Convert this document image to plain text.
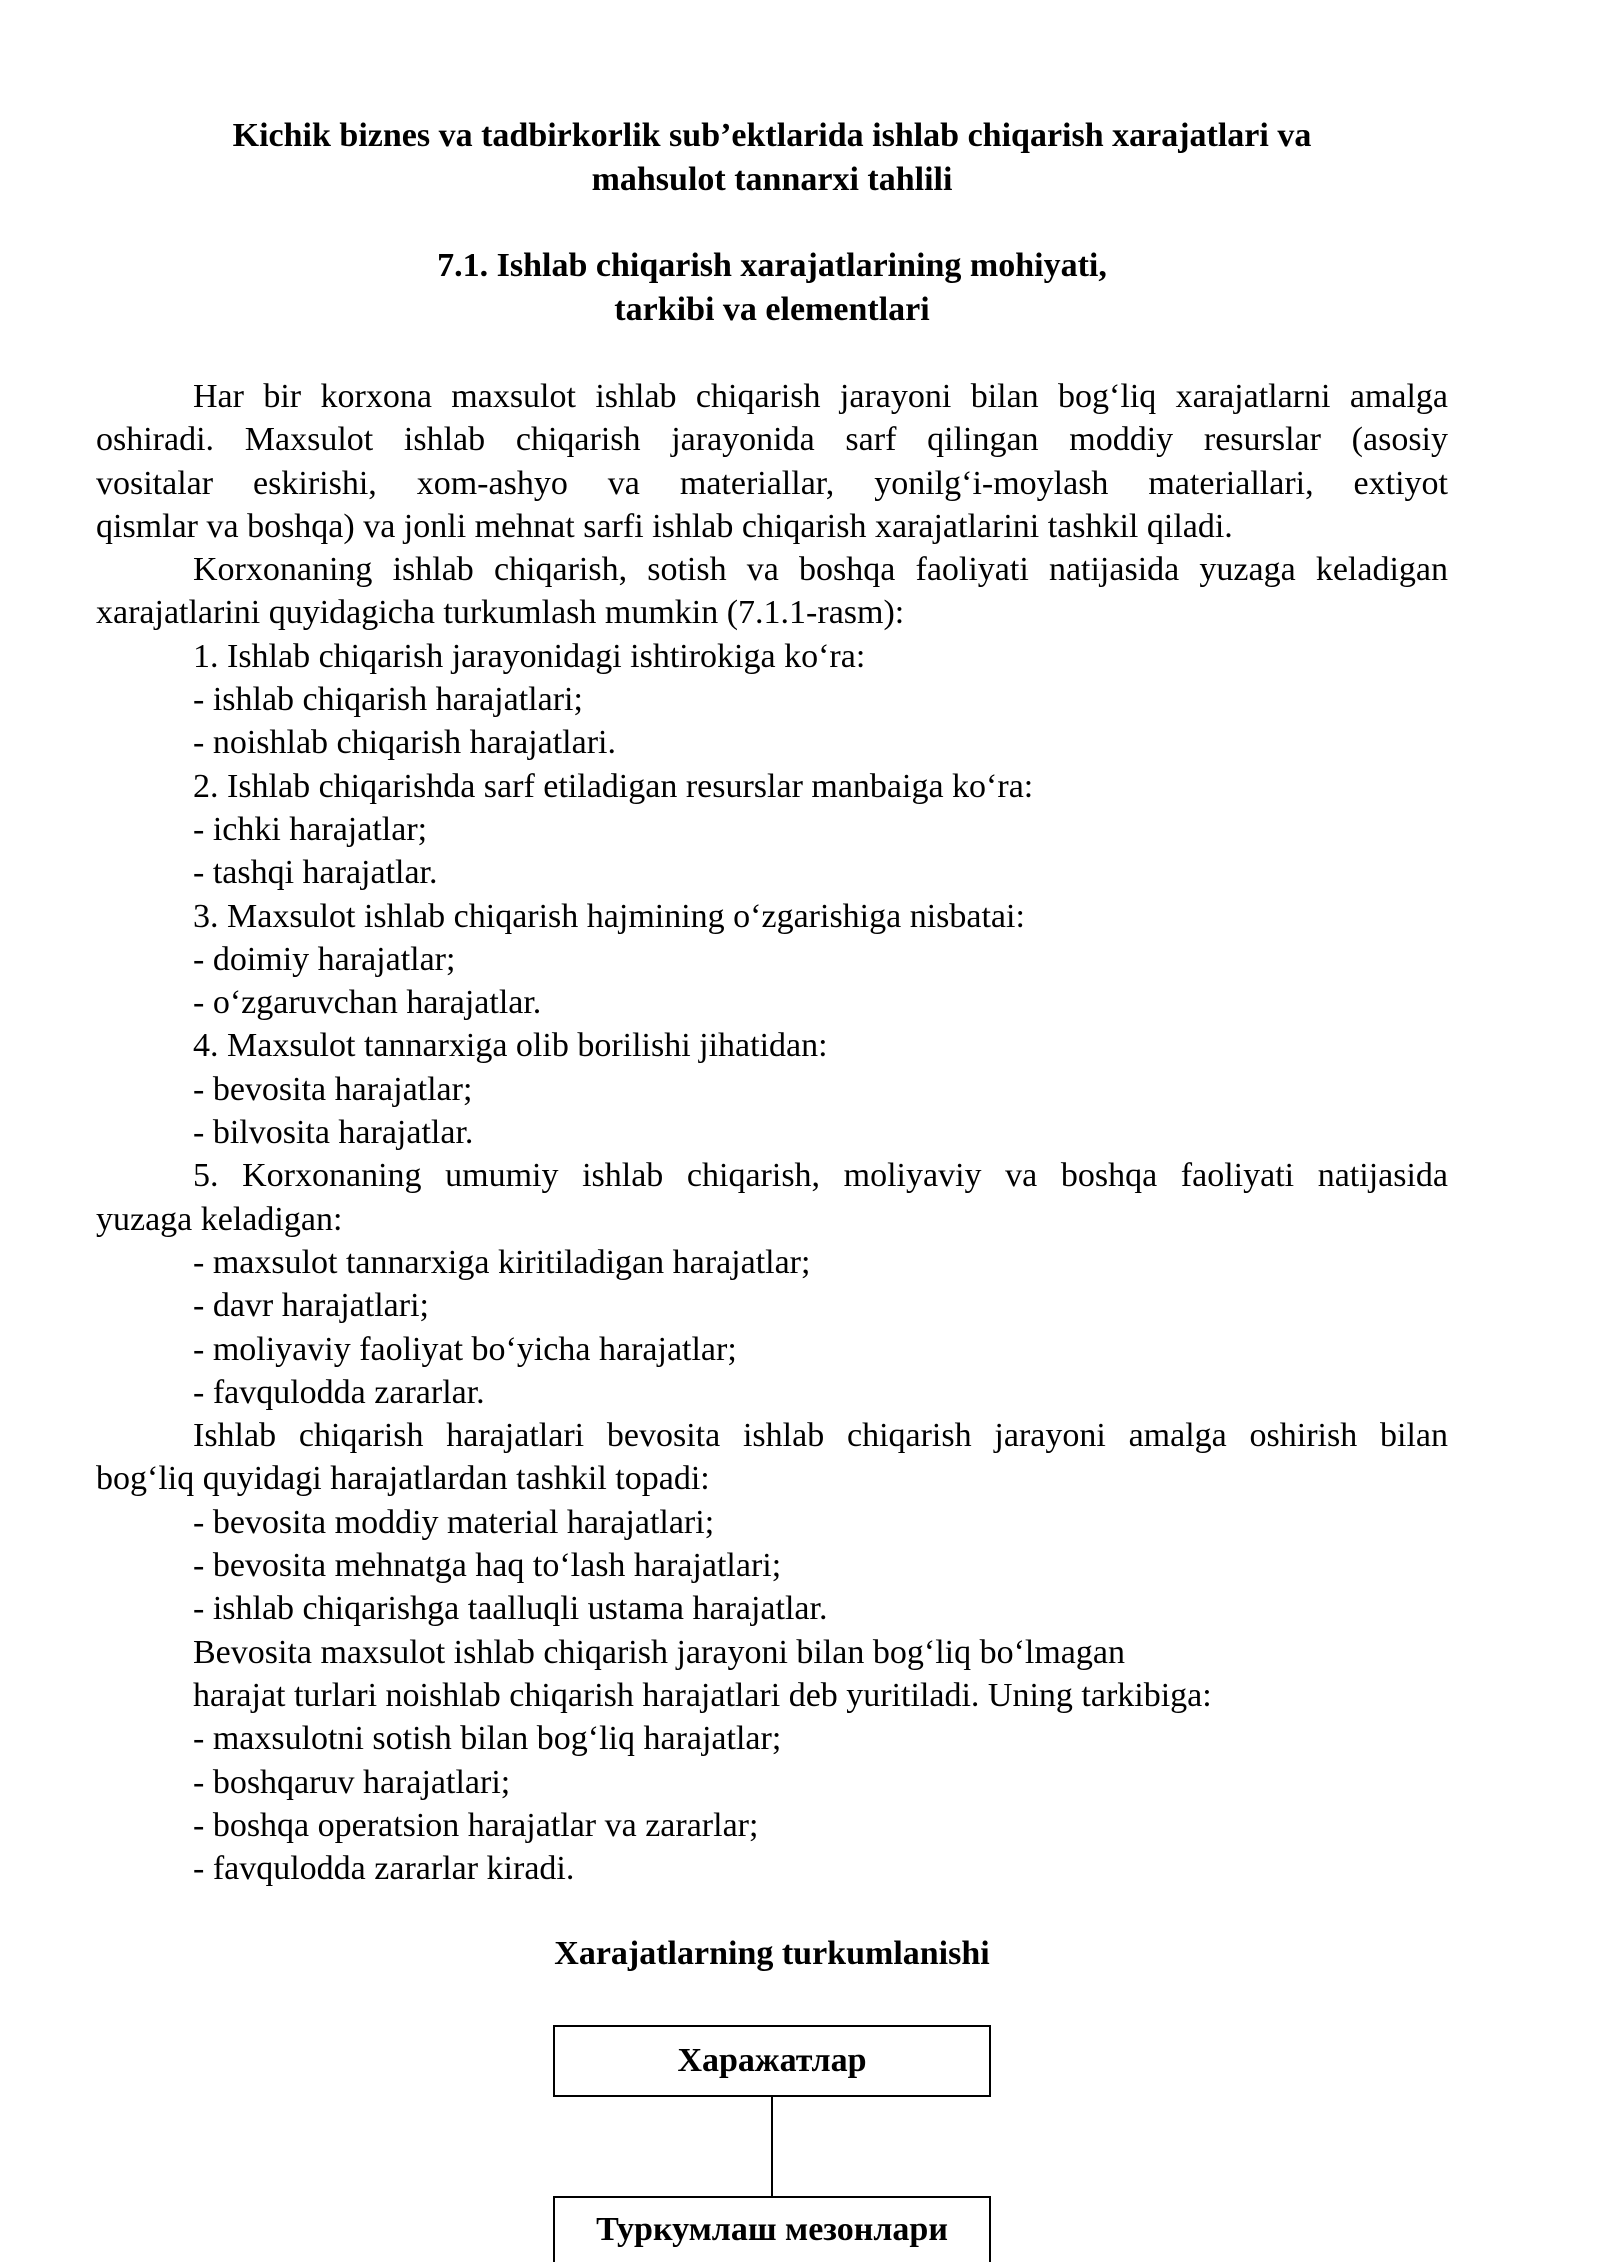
Kichik biznes va tadbirkorlik sub’ektlarida ishlab chiqarish xarajatlari va
mahsulot tannarxi tahlili
7.1. Ishlab chiqarish xarajatlarining mohiyati,
tarkibi va elementlari
Har bir korxona maxsulot ishlab chiqarish jarayoni bilan bog‘liq xarajatlarni amalga
oshiradi. Maxsulot ishlab chiqarish jarayonida sarf qilingan moddiy resurslar (asosiy
vositalar eskirishi, xom-ashyo va materiallar, yonilg‘i-moylash materiallari, extiyot
qismlar va boshqa) va jonli mehnat sarfi ishlab chiqarish xarajatlarini tashkil qiladi.
Korxonaning ishlab chiqarish, sotish va boshqa faoliyati natijasida yuzaga keladigan
xarajatlarini quyidagicha turkumlash mumkin (7.1.1-rasm):
1. Ishlab chiqarish jarayonidagi ishtirokiga ko‘ra:
- ishlab chiqarish harajatlari;
- noishlab chiqarish harajatlari.
2. Ishlab chiqarishda sarf etiladigan resurslar manbaiga ko‘ra:
- ichki harajatlar;
- tashqi harajatlar.
3. Maxsulot ishlab chiqarish hajmining o‘zgarishiga nisbatai:
- doimiy harajatlar;
- o‘zgaruvchan harajatlar.
4. Maxsulot tannarxiga olib borilishi jihatidan:
- bevosita harajatlar;
- bilvosita harajatlar.
5. Korxonaning umumiy ishlab chiqarish, moliyaviy va boshqa faoliyati natijasida
yuzaga keladigan:
- maxsulot tannarxiga kiritiladigan harajatlar;
- davr harajatlari;
- moliyaviy faoliyat bo‘yicha harajatlar;
- favqulodda zararlar.
Ishlab chiqarish harajatlari bevosita ishlab chiqarish jarayoni amalga oshirish bilan
bog‘liq quyidagi harajatlardan tashkil topadi:
- bevosita moddiy material harajatlari;
- bevosita mehnatga haq to‘lash harajatlari;
- ishlab chiqarishga taalluqli ustama harajatlar.
Bevosita maxsulot ishlab chiqarish jarayoni bilan bog‘liq bo‘lmagan
harajat turlari noishlab chiqarish harajatlari deb yuritiladi. Uning tarkibiga:
- maxsulotni sotish bilan bog‘liq harajatlar;
- boshqaruv harajatlari;
- boshqa operatsion harajatlar va zararlar;
- favqulodda zararlar kiradi.
Xarajatlarning turkumlanishi
Харажатлар
Туркумлаш мезонлари
